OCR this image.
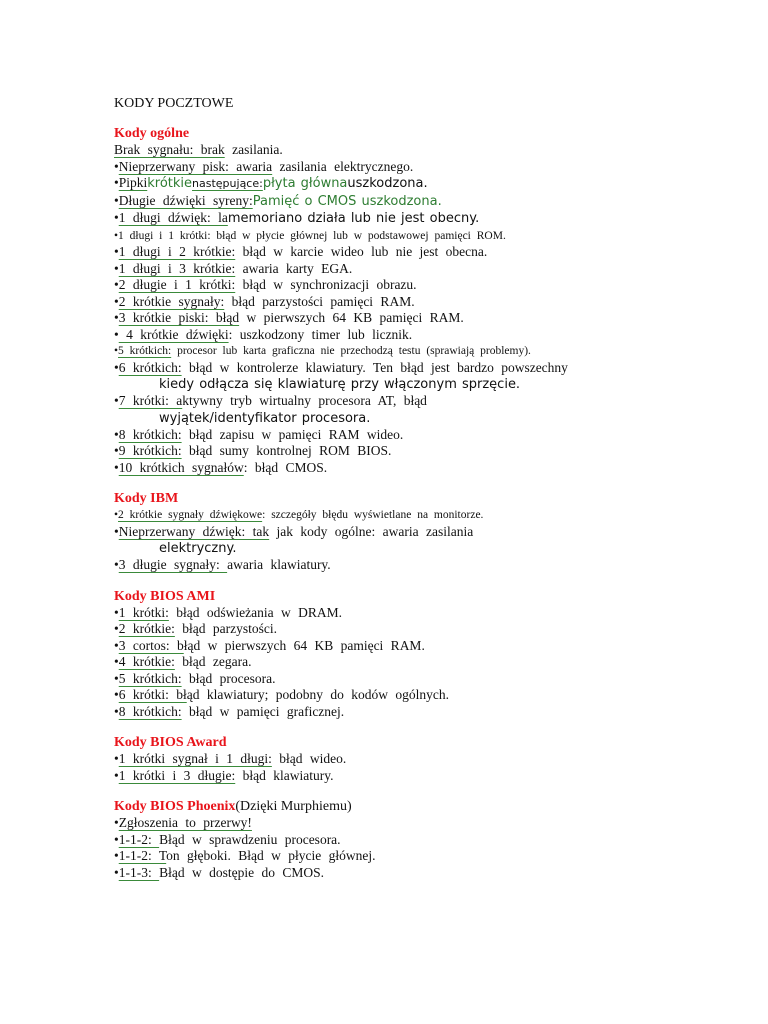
KODY POCZTOWE
Kody ogólne
Brak sygnału: brak zasilania.
•Nieprzerwany pisk: awaria zasilania elektrycznego.
•Pipkikrótkienastępujące:płyta głównauszkodzona.
•Długie dźwięki syreny:Pamięć o CMOS uszkodzona.
•1 długi dźwięk: lamemoriano działa lub nie jest obecny.
•1 długi i 1 krótki: błąd w płycie głównej lub w podstawowej pamięci ROM.
•1 długi i 2 krótkie: błąd w karcie wideo lub nie jest obecna.
•1 długi i 3 krótkie: awaria karty EGA.
•2 długie i 1 krótki: błąd w synchronizacji obrazu.
•2 krótkie sygnały: błąd parzystości pamięci RAM.
•3 krótkie piski: błąd w pierwszych 64 KB pamięci RAM.
• 4 krótkie dźwięki: uszkodzony timer lub licznik.
•5 krótkich: procesor lub karta graficzna nie przechodzą testu (sprawiają problemy).
•6 krótkich: błąd w kontrolerze klawiatury. Ten błąd jest bardzo powszechny
kiedy odłącza się klawiaturę przy włączonym sprzęcie.
•7 krótki: aktywny tryb wirtualny procesora AT, błąd
wyjątek/identyfikator procesora.
•8 krótkich: błąd zapisu w pamięci RAM wideo.
•9 krótkich: błąd sumy kontrolnej ROM BIOS.
•10 krótkich sygnałów: błąd CMOS.
Kody IBM
•2 krótkie sygnały dźwiękowe: szczegóły błędu wyświetlane na monitorze.
•Nieprzerwany dźwięk: tak jak kody ogólne: awaria zasilania
elektryczny.
•3 długie sygnały: awaria klawiatury.
Kody BIOS AMI
•1 krótki: błąd odświeżania w DRAM.
•2 krótkie: błąd parzystości.
•3 cortos: błąd w pierwszych 64 KB pamięci RAM.
•4 krótkie: błąd zegara.
•5 krótkich: błąd procesora.
•6 krótki: błąd klawiatury; podobny do kodów ogólnych.
•8 krótkich: błąd w pamięci graficznej.
Kody BIOS Award
•1 krótki sygnał i 1 długi: błąd wideo.
•1 krótki i 3 długie: błąd klawiatury.
Kody BIOS Phoenix(Dzięki Murphiemu)
•Zgłoszenia to przerwy!
•1-1-2: Błąd w sprawdzeniu procesora.
•1-1-2: Ton głęboki. Błąd w płycie głównej.
•1-1-3: Błąd w dostępie do CMOS.
